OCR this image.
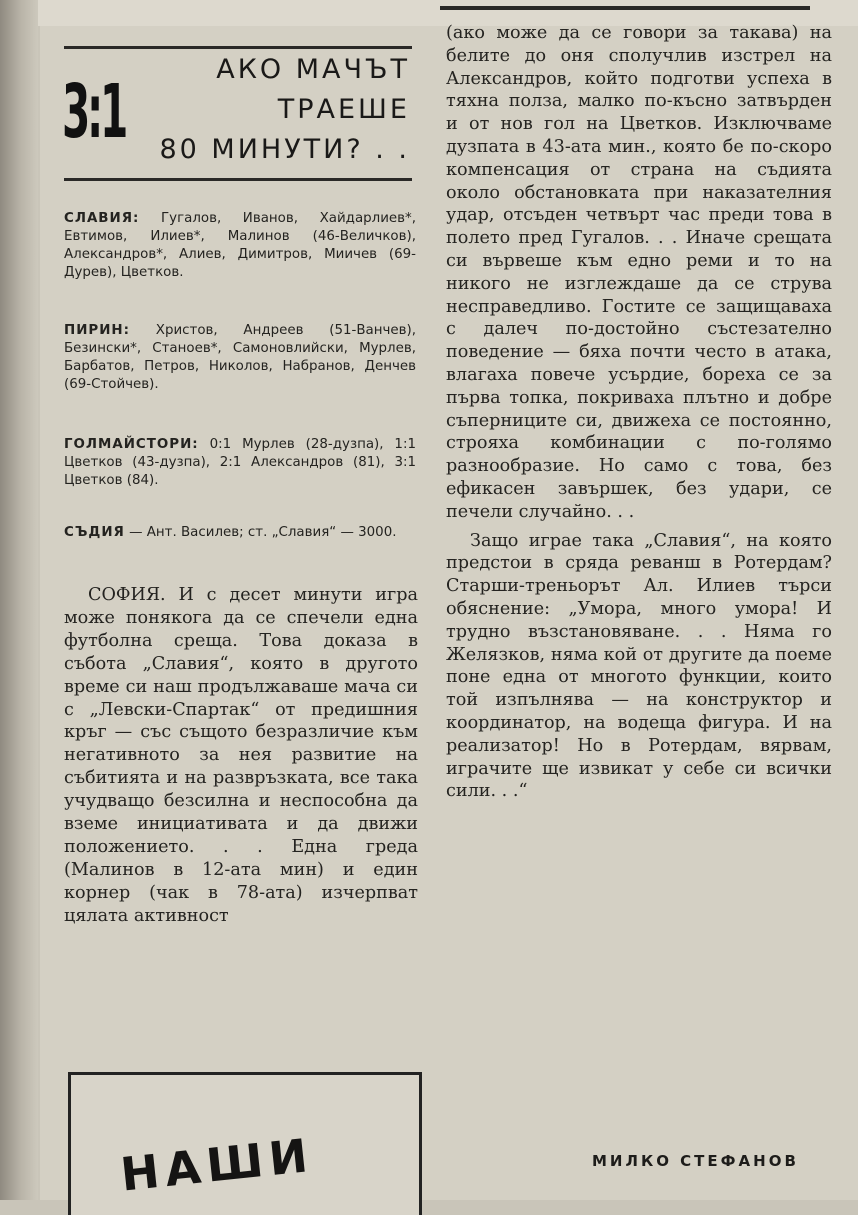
3:1	АКО МАЧЪТ
ТРАЕШЕ
80 МИНУТИ? . .
СЛАВИЯ: Гугалов, Иванов, Хайдарлиев*, Евтимов, Илиев*, Малинов (46-Величков), Александров*, Алиев, Димитров, Миичев (69-Дурев), Цветков.
ПИРИН: Христов, Андреев (51-Ванчев), Безински*, Станоев*, Самоновлийски, Мурлев, Барбатов, Петров, Николов, Набранов, Денчев (69-Стойчев).
ГОЛМАЙСТОРИ: 0:1 Мурлев (28-дузпа), 1:1 Цветков (43-дузпа), 2:1 Александров (81), 3:1 Цветков (84).
СЪДИЯ — Ант. Василев; ст. „Славия“ — 3000.

СОФИЯ. И с десет минути игра може понякога да се спечели една футболна среща. Това доказа в събота „Славия“, която в другото време си наш продължаваше мача си с „Левски-Спартак“ от предишния кръг — със същото безразличие към негативното за нея развитие на събитията и на развръзката, все така учудващо безсилна и неспособна да вземе инициативата и да движи положението. . . Една греда (Малинов в 12-ата мин) и един корнер (чак в 78-ата) изчерпват цялата активност

(ако може да се говори за такава) на белите до оня сполучлив изстрел на Александров, който подготви успеха в тяхна полза, малко по-късно затвърден и от нов гол на Цветков. Изключваме дузпата в 43-ата мин., която бе по-скоро компенсация от страна на съдията около обстановката при наказателния удар, отсъден четвърт час преди това в полето пред Гугалов. . . Иначе срещата си вървеше към едно реми и то на никого не изглеждаше да се струва несправедливо. Гостите се защищаваха с далеч по-достойно състезателно поведение — бяха почти често в атака, влагаха повече усърдие, бореха се за първа топка, покриваха плътно и добре съперниците си, движеха се постоянно, строяха комбинации с по-голямо разнообразие. Но само с това, без ефикасен завършек, без удари, се печели случайно. . .

Защо играе така „Славия“, на която предстои в сряда реванш в Ротердам? Старши-треньорът Ал. Илиев търси обяснение: „Умора, много умора! И трудно възстановяване. . . Няма го Желязков, няма кой от другите да поеме поне една от многото функции, които той изпълнява — на конструктор и координатор, на водеща фигура. И на реализатор! Но в Ротердам, вярвам, играчите ще извикат у себе си всички сили. . .“

МИЛКО СТЕФАНОВ
НАШИ
